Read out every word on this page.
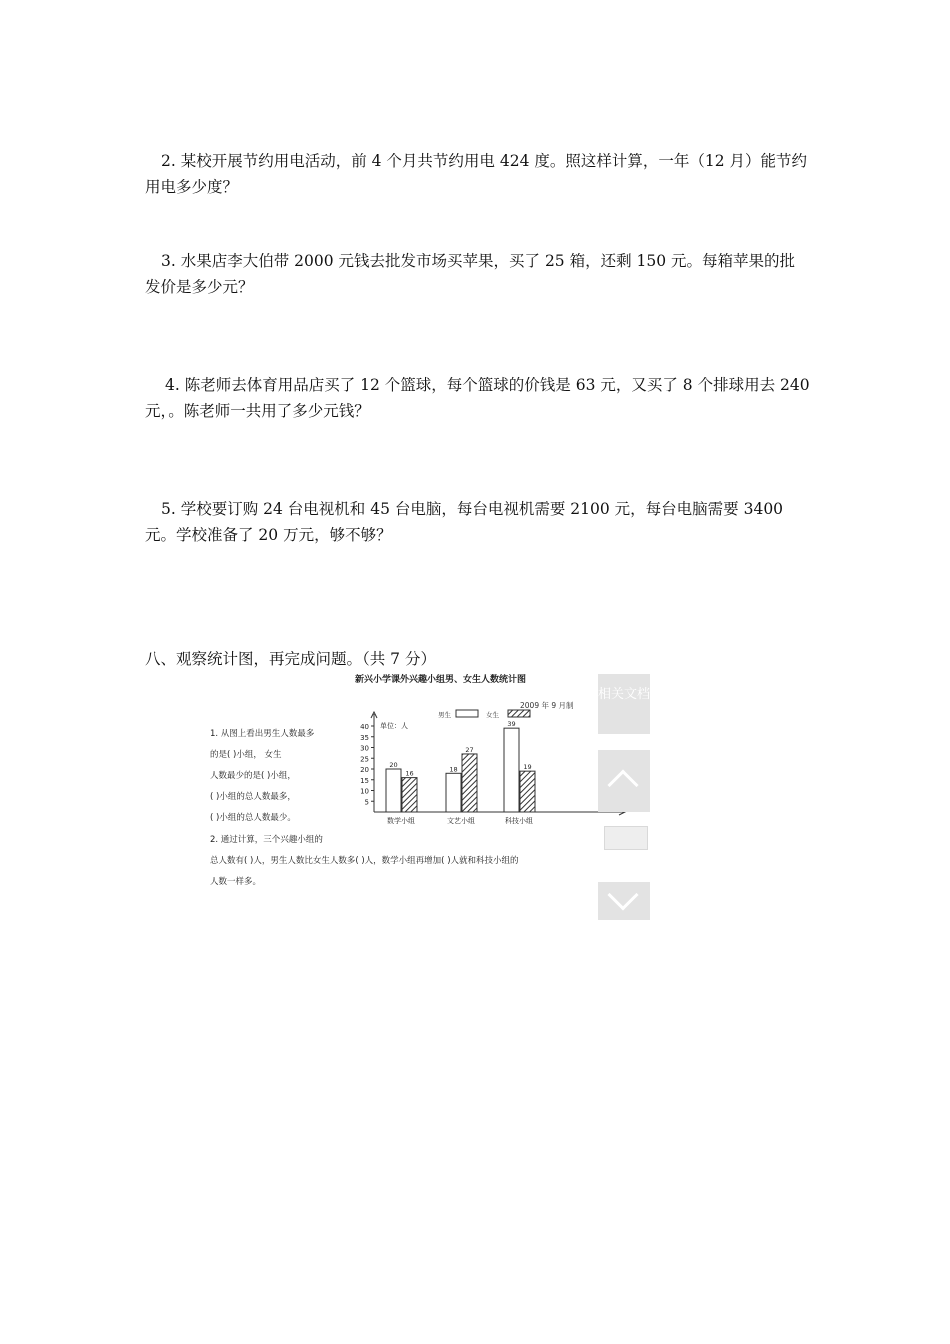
2. 某校开展节约用电活动，前 4 个月共节约用电 424 度。照这样计算，一年（12 月）能节约用电多少度？
3. 水果店李大伯带 2000 元钱去批发市场买苹果，买了 25 箱，还剩 150 元。每箱苹果的批发价是多少元？
4. 陈老师去体育用品店买了 12 个篮球，每个篮球的价钱是 63 元，又买了 8 个排球用去 240 元，。陈老师一共用了多少元钱？
5. 学校要订购 24 台电视机和 45 台电脑，每台电视机需要 2100 元，每台电脑需要 3400 元。学校准备了 20 万元，够不够？
八、观察统计图，再完成问题。（共 7 分）
新兴小学课外兴趣小组男、女生人数统计图
2009 年 9 月制
1. 从图上看出男生人数最多
的是( )小组， 女生
人数最少的是( )小组，
( )小组的总人数最多，
( )小组的总人数最少。
2. 通过计算，三个兴趣小组的
总人数有( )人，男生人数比女生人数多( )人，数学小组再增加( )人就和科技小组的
人数一样多。
5
10
15
20
25
30
35
40 单位：人
男生	女生
20
16
数学小组
18
27
文艺小组
39
19
科技小组
相关文档
